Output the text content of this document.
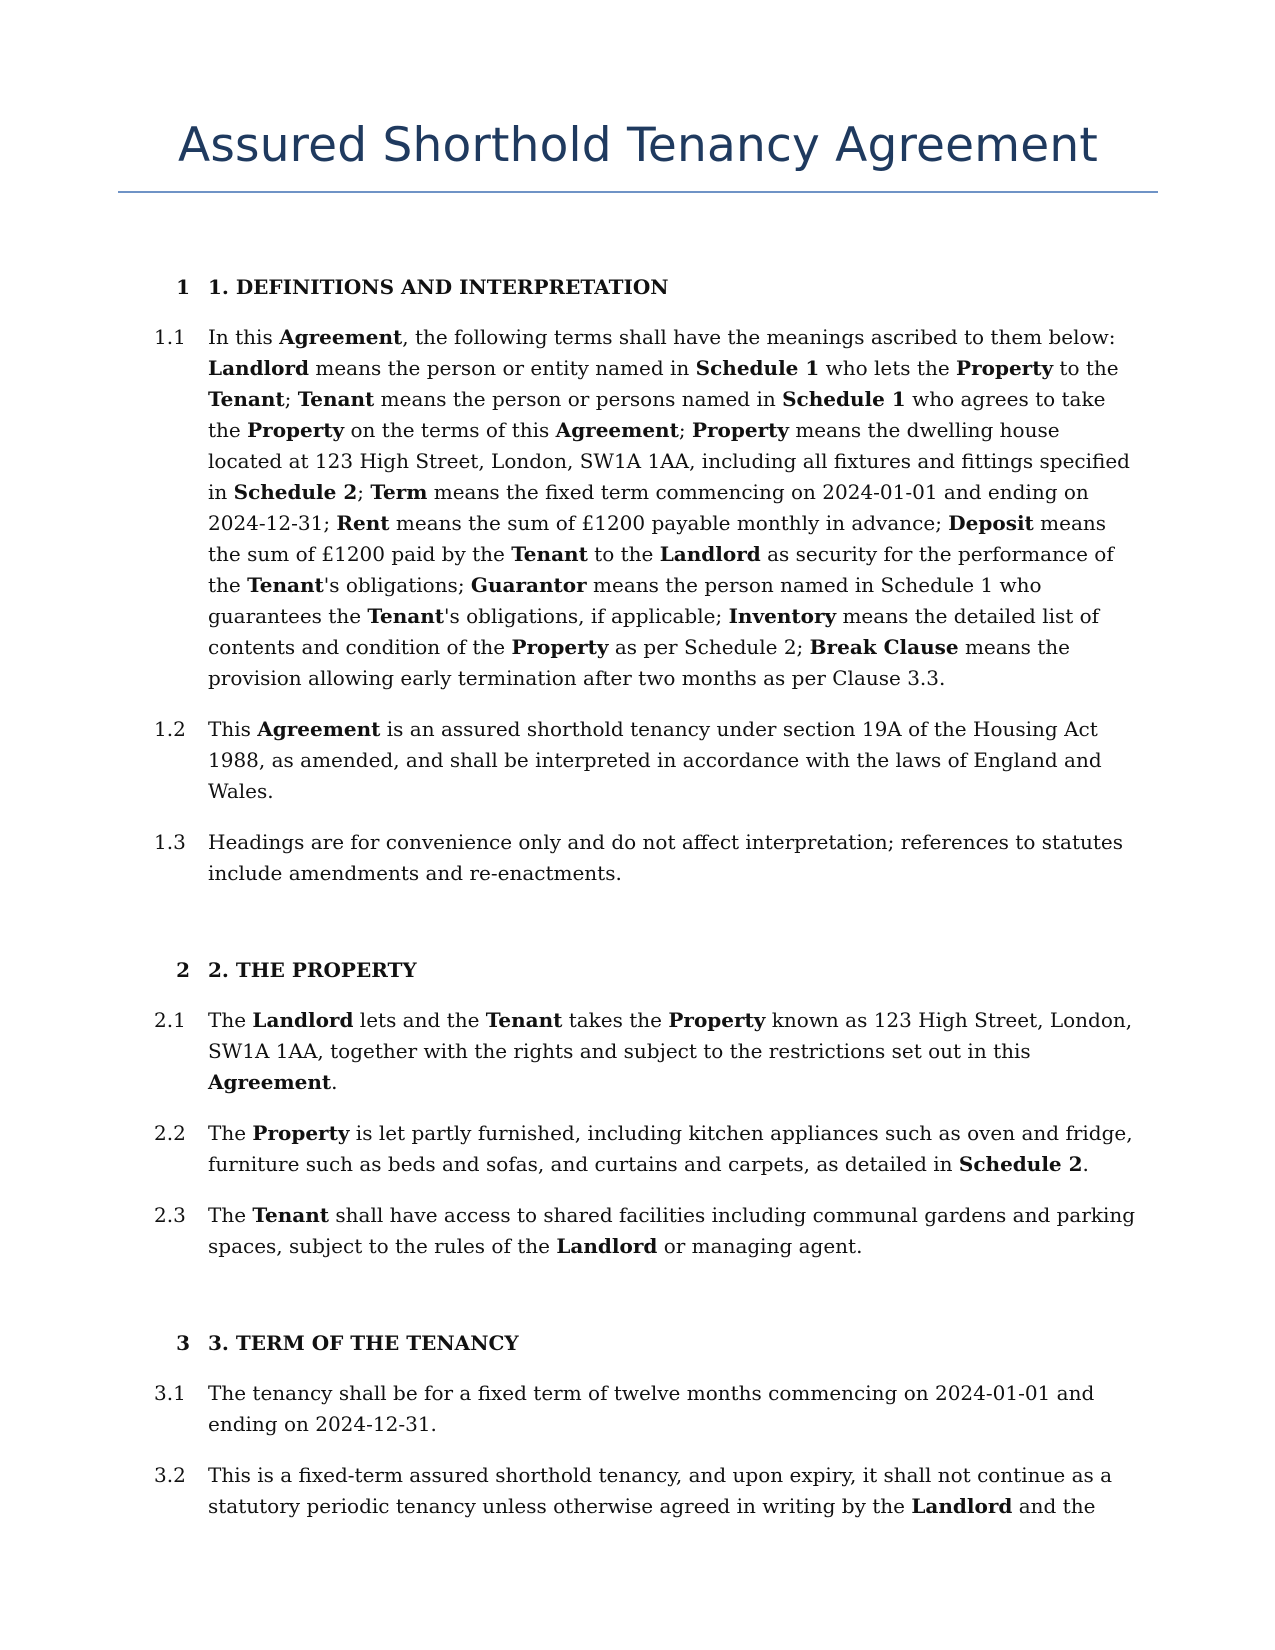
Assured Shorthold Tenancy Agreement
1 1. DEFINITIONS AND INTERPRETATION
1.1	In this Agreement, the following terms shall have the meanings ascribed to them below: Landlord means the person or entity named in Schedule 1 who lets the Property to the Tenant; Tenant means the person or persons named in Schedule 1 who agrees to take the Property on the terms of this Agreement; Property means the dwelling house located at 123 High Street, London, SW1A 1AA, including all fixtures and fittings specified in Schedule 2; Term means the fixed term commencing on 2024-01-01 and ending on 2024-12-31; Rent means the sum of £1200 payable monthly in advance; Deposit means the sum of £1200 paid by the Tenant to the Landlord as security for the performance of the Tenant's obligations; Guarantor means the person named in Schedule 1 who guarantees the Tenant's obligations, if applicable; Inventory means the detailed list of contents and condition of the Property as per Schedule 2; Break Clause means the provision allowing early termination after two months as per Clause 3.3.
1.2	This Agreement is an assured shorthold tenancy under section 19A of the Housing Act 1988, as amended, and shall be interpreted in accordance with the laws of England and Wales.
1.3	Headings are for convenience only and do not affect interpretation; references to statutes include amendments and re-enactments.
2 2. THE PROPERTY
2.1	The Landlord lets and the Tenant takes the Property known as 123 High Street, London, SW1A 1AA, together with the rights and subject to the restrictions set out in this Agreement.
2.2	The Property is let partly furnished, including kitchen appliances such as oven and fridge, furniture such as beds and sofas, and curtains and carpets, as detailed in Schedule 2.
2.3	The Tenant shall have access to shared facilities including communal gardens and parking spaces, subject to the rules of the Landlord or managing agent.
3 3. TERM OF THE TENANCY
3.1	The tenancy shall be for a fixed term of twelve months commencing on 2024-01-01 and ending on 2024-12-31.
3.2	This is a fixed-term assured shorthold tenancy, and upon expiry, it shall not continue as a statutory periodic tenancy unless otherwise agreed in writing by the Landlord and the
